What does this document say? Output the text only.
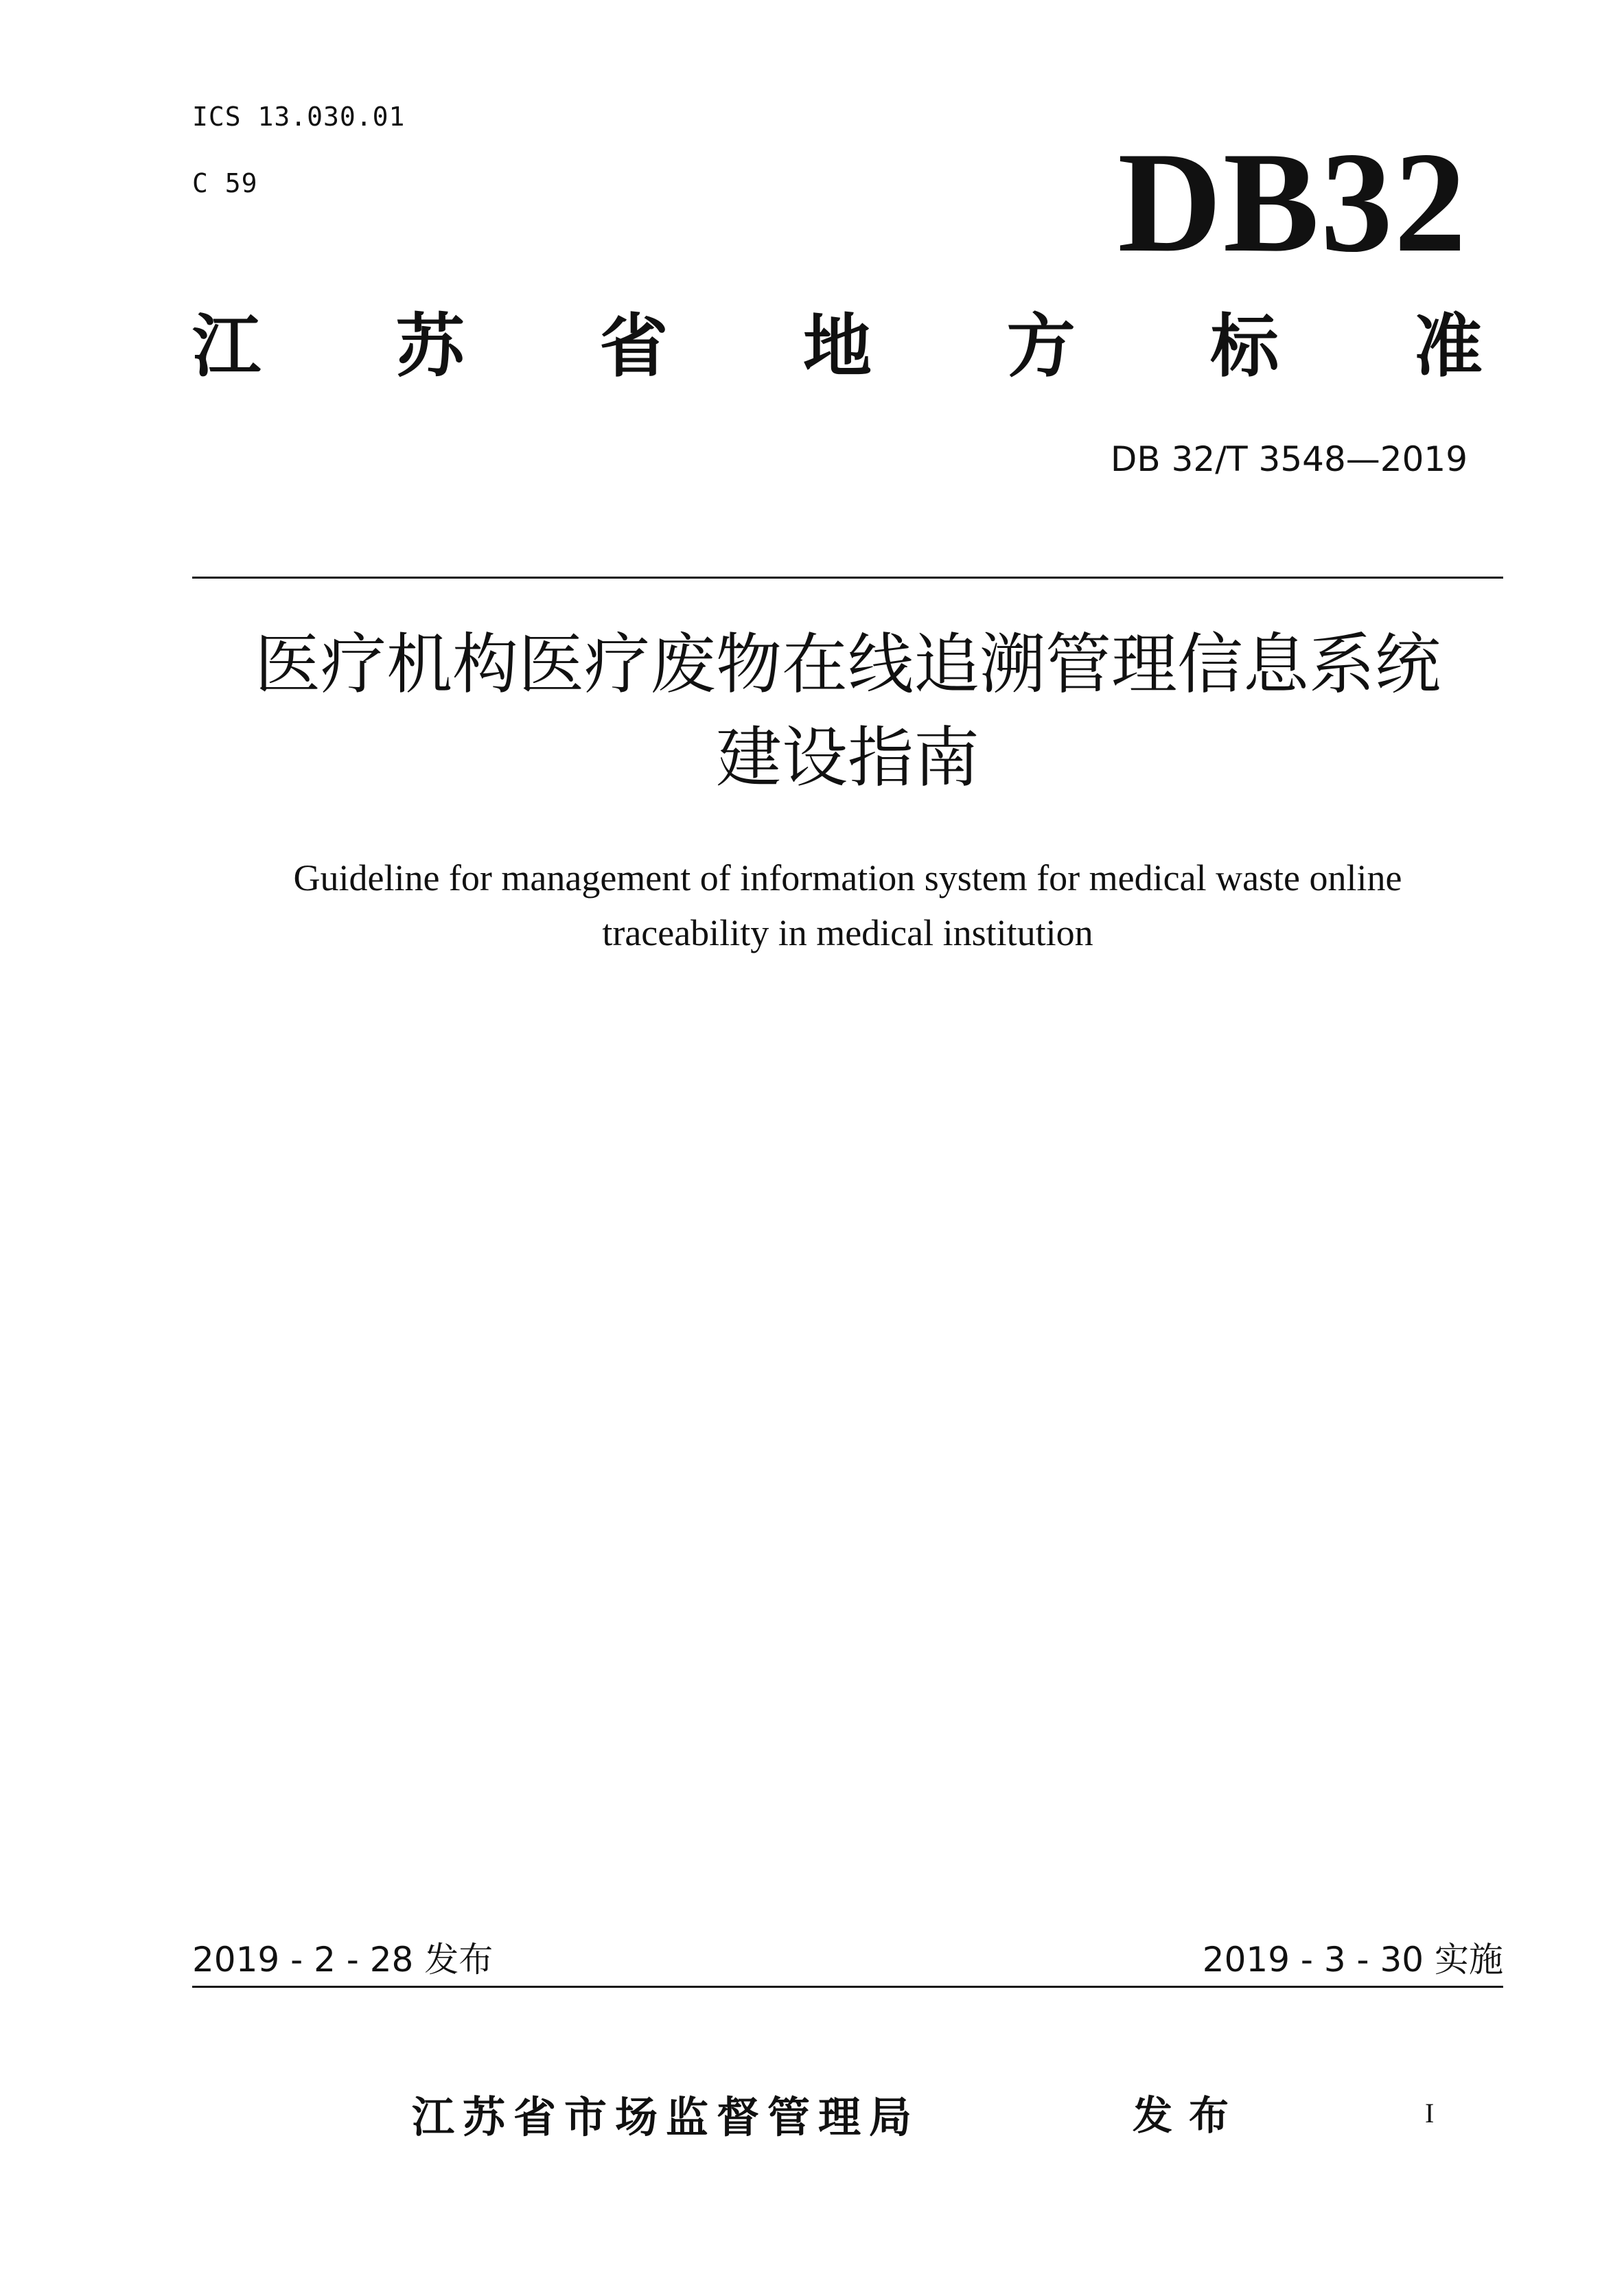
ICS 13.030.01
C 59	DB32
江 苏 省 地 方 标 准
DB 32/T 3548—2019
医疗机构医疗废物在线追溯管理信息系统
建设指南
Guideline for management of information system for medical waste online
traceability in medical institution
2019 - 2 - 28 发布	2019 - 3 - 30 实施
江苏省市场监督管理局	发布	I
